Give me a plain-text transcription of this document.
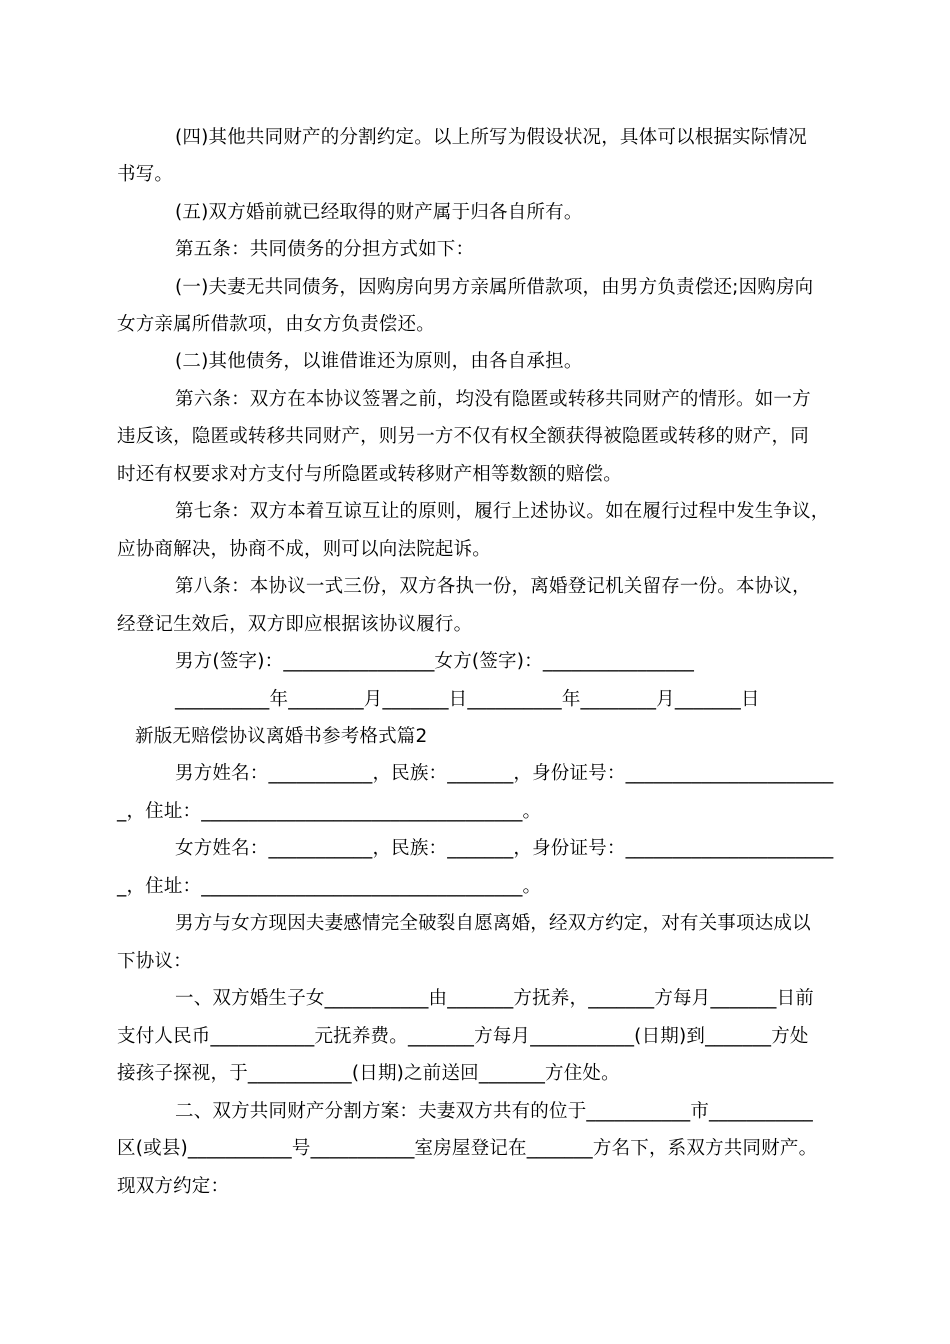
(四)其他共同财产的分割约定。以上所写为假设状况，具体可以根据实际情况
书写。
(五)双方婚前就已经取得的财产属于归各自所有。
第五条：共同债务的分担方式如下：
(一)夫妻无共同债务，因购房向男方亲属所借款项，由男方负责偿还;因购房向
女方亲属所借款项，由女方负责偿还。
(二)其他债务，以谁借谁还为原则，由各自承担。
第六条：双方在本协议签署之前，均没有隐匿或转移共同财产的情形。如一方
违反该，隐匿或转移共同财产，则另一方不仅有权全额获得被隐匿或转移的财产，同
时还有权要求对方支付与所隐匿或转移财产相等数额的赔偿。
第七条：双方本着互谅互让的原则，履行上述协议。如在履行过程中发生争议，
应协商解决，协商不成，则可以向法院起诉。
第八条：本协议一式三份，双方各执一份，离婚登记机关留存一份。本协议，
经登记生效后，双方即应根据该协议履行。
男方(签字)：________________女方(签字)：________________
__________年________月_______日__________年________月_______日
新版无赔偿协议离婚书参考格式篇2
男方姓名：___________，民族：_______，身份证号：______________________
_，住址：__________________________________。
女方姓名：___________，民族：_______，身份证号：______________________
_，住址：__________________________________。
男方与女方现因夫妻感情完全破裂自愿离婚，经双方约定，对有关事项达成以
下协议：
一、双方婚生子女___________由_______方抚养，_______方每月_______日前
支付人民币___________元抚养费。_______方每月___________(日期)到_______方处
接孩子探视，于___________(日期)之前送回_______方住处。
二、双方共同财产分割方案：夫妻双方共有的位于___________市___________
区(或县)___________号___________室房屋登记在_______方名下，系双方共同财产。
现双方约定：
